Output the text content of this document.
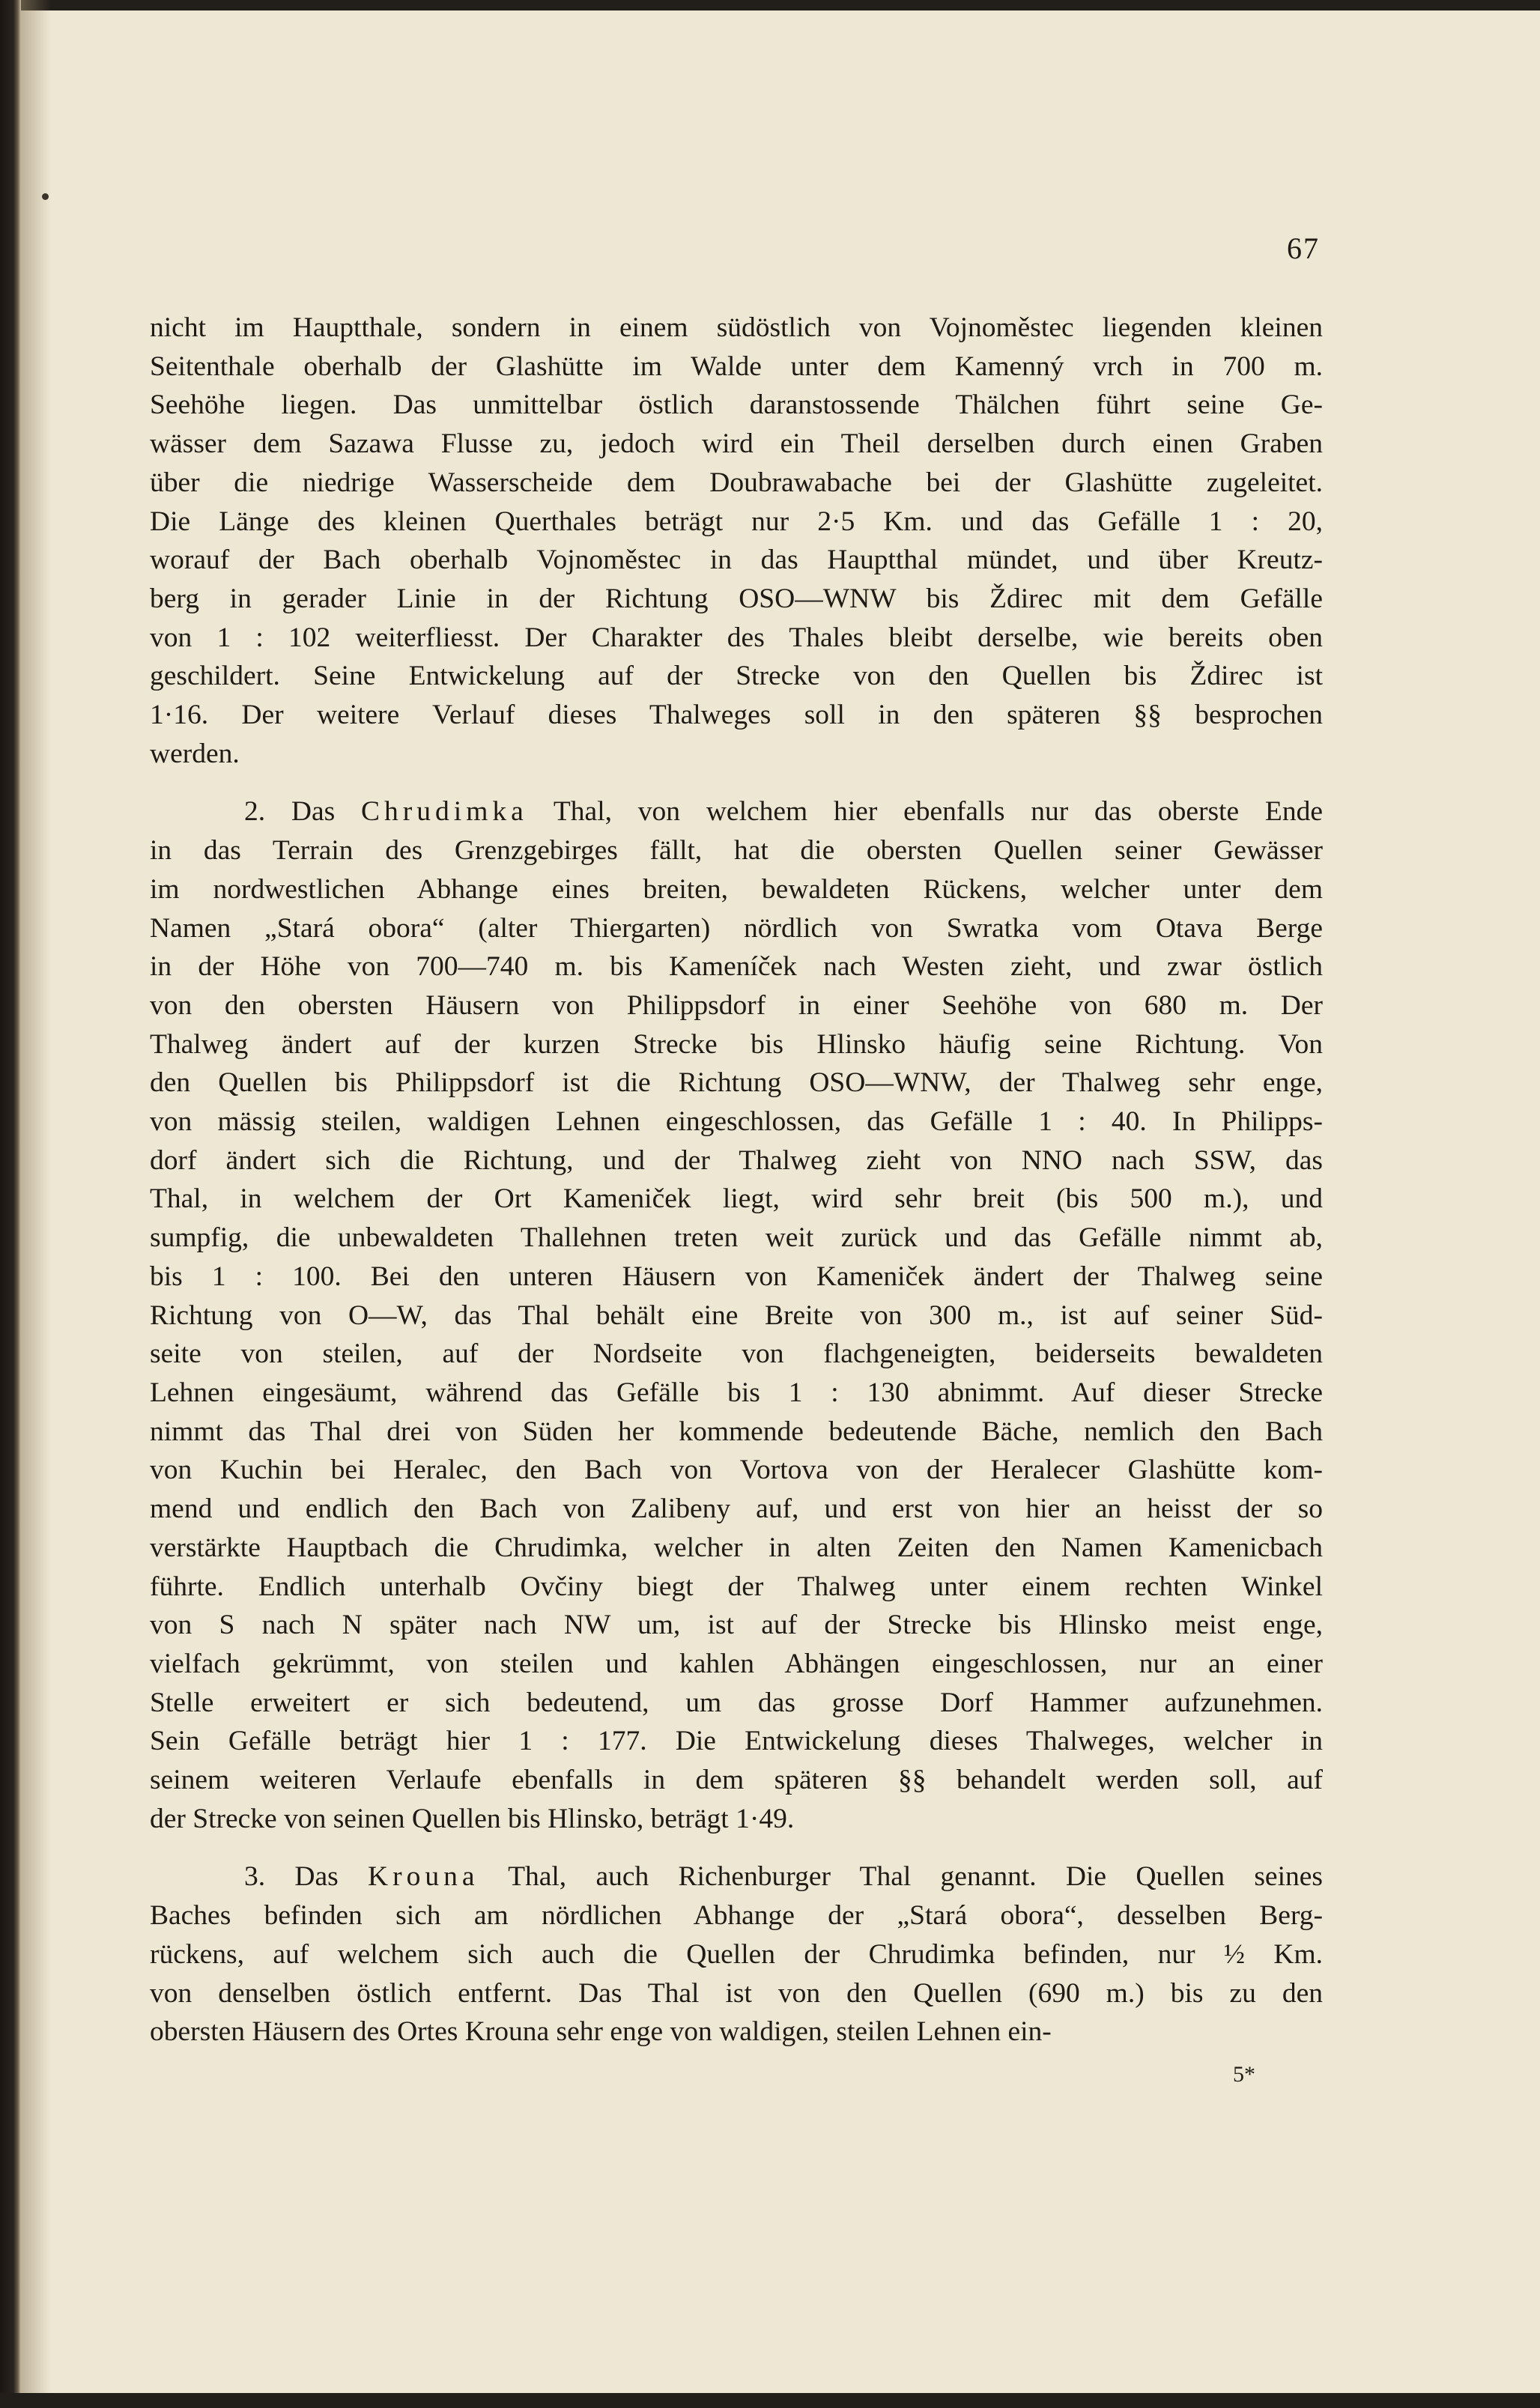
67
nicht im Hauptthale, sondern in einem südöstlich von Vojnoměstec liegenden kleinen
Seitenthale oberhalb der Glashütte im Walde unter dem Kamenný vrch in 700 m.
Seehöhe liegen. Das unmittelbar östlich daranstossende Thälchen führt seine Ge-
wässer dem Sazawa Flusse zu, jedoch wird ein Theil derselben durch einen Graben
über die niedrige Wasserscheide dem Doubrawabache bei der Glashütte zugeleitet.
Die Länge des kleinen Querthales beträgt nur 2·5 Km. und das Gefälle 1 : 20,
worauf der Bach oberhalb Vojnoměstec in das Hauptthal mündet, und über Kreutz-
berg in gerader Linie in der Richtung OSO—WNW bis Ždirec mit dem Gefälle
von 1 : 102 weiterfliesst. Der Charakter des Thales bleibt derselbe, wie bereits oben
geschildert. Seine Entwickelung auf der Strecke von den Quellen bis Ždirec ist
1·16. Der weitere Verlauf dieses Thalweges soll in den späteren §§ besprochen
werden.
2. Das Chrudimka Thal, von welchem hier ebenfalls nur das oberste Ende
in das Terrain des Grenzgebirges fällt, hat die obersten Quellen seiner Gewässer
im nordwestlichen Abhange eines breiten, bewaldeten Rückens, welcher unter dem
Namen „Stará obora“ (alter Thiergarten) nördlich von Swratka vom Otava Berge
in der Höhe von 700—740 m. bis Kameníček nach Westen zieht, und zwar östlich
von den obersten Häusern von Philippsdorf in einer Seehöhe von 680 m. Der
Thalweg ändert auf der kurzen Strecke bis Hlinsko häufig seine Richtung. Von
den Quellen bis Philippsdorf ist die Richtung OSO—WNW, der Thalweg sehr enge,
von mässig steilen, waldigen Lehnen eingeschlossen, das Gefälle 1 : 40. In Philipps-
dorf ändert sich die Richtung, und der Thalweg zieht von NNO nach SSW, das
Thal, in welchem der Ort Kameniček liegt, wird sehr breit (bis 500 m.), und
sumpfig, die unbewaldeten Thallehnen treten weit zurück und das Gefälle nimmt ab,
bis 1 : 100. Bei den unteren Häusern von Kameniček ändert der Thalweg seine
Richtung von O—W, das Thal behält eine Breite von 300 m., ist auf seiner Süd-
seite von steilen, auf der Nordseite von flachgeneigten, beiderseits bewaldeten
Lehnen eingesäumt, während das Gefälle bis 1 : 130 abnimmt. Auf dieser Strecke
nimmt das Thal drei von Süden her kommende bedeutende Bäche, nemlich den Bach
von Kuchin bei Heralec, den Bach von Vortova von der Heralecer Glashütte kom-
mend und endlich den Bach von Zalibeny auf, und erst von hier an heisst der so
verstärkte Hauptbach die Chrudimka, welcher in alten Zeiten den Namen Kamenicbach
führte. Endlich unterhalb Ovčiny biegt der Thalweg unter einem rechten Winkel
von S nach N später nach NW um, ist auf der Strecke bis Hlinsko meist enge,
vielfach gekrümmt, von steilen und kahlen Abhängen eingeschlossen, nur an einer
Stelle erweitert er sich bedeutend, um das grosse Dorf Hammer aufzunehmen.
Sein Gefälle beträgt hier 1 : 177. Die Entwickelung dieses Thalweges, welcher in
seinem weiteren Verlaufe ebenfalls in dem späteren §§ behandelt werden soll, auf
der Strecke von seinen Quellen bis Hlinsko, beträgt 1·49.
3. Das Krouna Thal, auch Richenburger Thal genannt. Die Quellen seines
Baches befinden sich am nördlichen Abhange der „Stará obora“, desselben Berg-
rückens, auf welchem sich auch die Quellen der Chrudimka befinden, nur ½ Km.
von denselben östlich entfernt. Das Thal ist von den Quellen (690 m.) bis zu den
obersten Häusern des Ortes Krouna sehr enge von waldigen, steilen Lehnen ein-
5*
